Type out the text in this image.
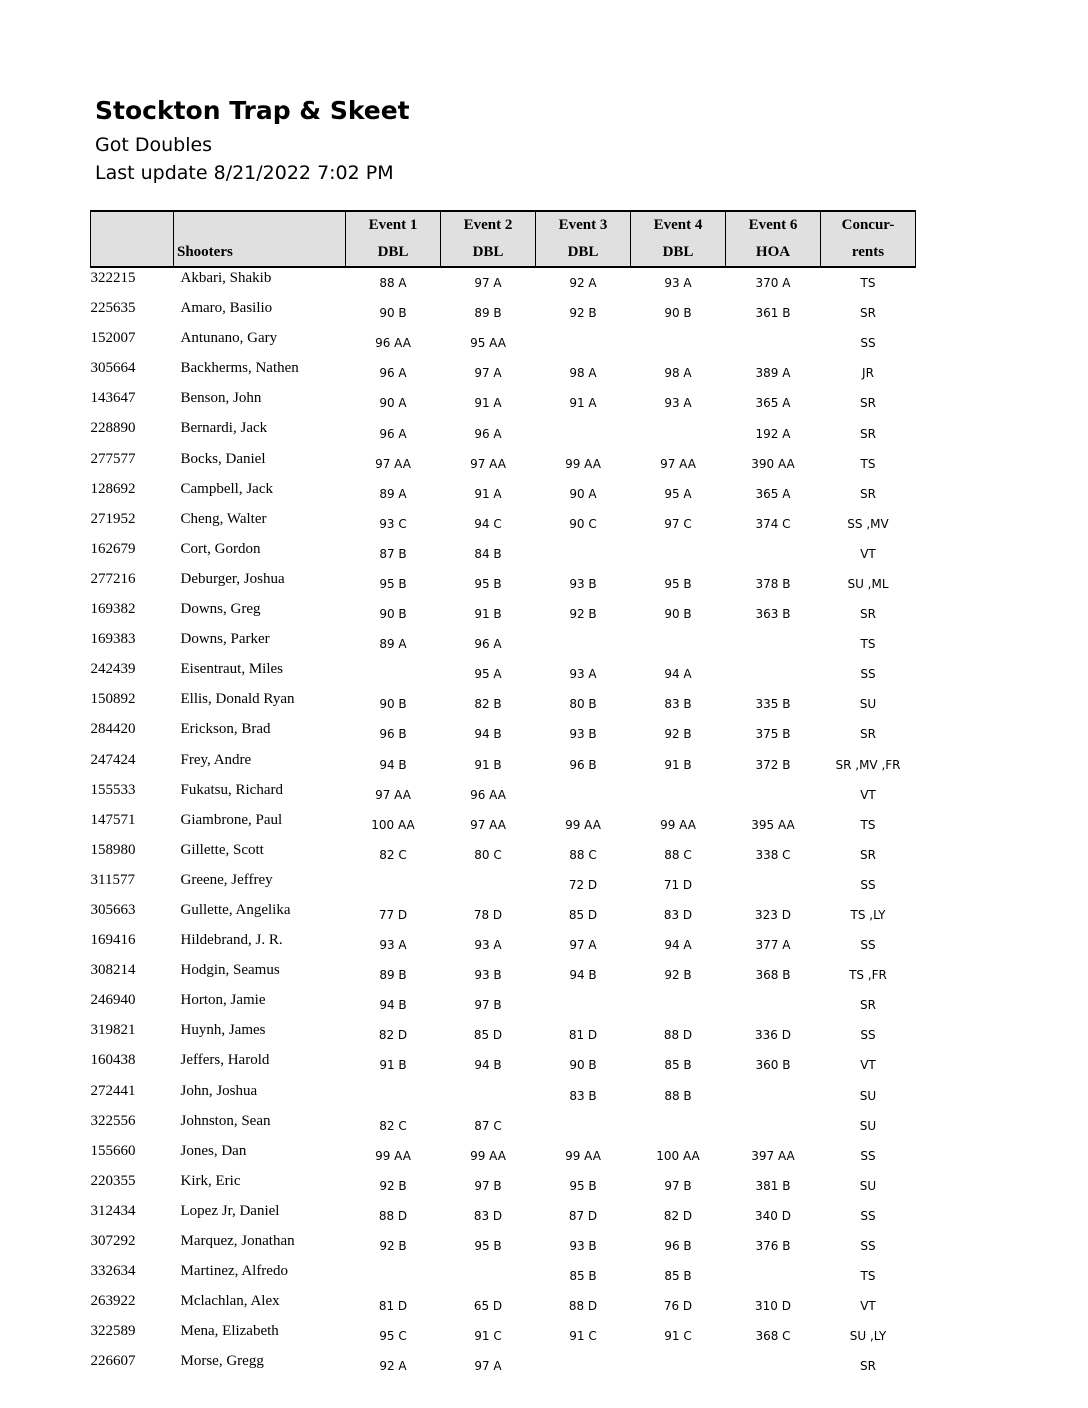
Stockton Trap & Skeet
Got Doubles
Last update 8/21/2022 7:02 PM
		Event 1	Event 2	Event 3	Event 4	Event 6	Concur-
	Shooters	DBL	DBL	DBL	DBL	HOA	rents
322215	Akbari, Shakib	88 A	97 A	92 A	93 A	370 A	TS
225635	Amaro, Basilio	90 B	89 B	92 B	90 B	361 B	SR
152007	Antunano, Gary	96 AA	95 AA				SS
305664	Backherms, Nathen	96 A	97 A	98 A	98 A	389 A	JR
143647	Benson, John	90 A	91 A	91 A	93 A	365 A	SR
228890	Bernardi, Jack	96 A	96 A			192 A	SR
277577	Bocks, Daniel	97 AA	97 AA	99 AA	97 AA	390 AA	TS
128692	Campbell, Jack	89 A	91 A	90 A	95 A	365 A	SR
271952	Cheng, Walter	93 C	94 C	90 C	97 C	374 C	SS ,MV
162679	Cort, Gordon	87 B	84 B				VT
277216	Deburger, Joshua	95 B	95 B	93 B	95 B	378 B	SU ,ML
169382	Downs, Greg	90 B	91 B	92 B	90 B	363 B	SR
169383	Downs, Parker	89 A	96 A				TS
242439	Eisentraut, Miles		95 A	93 A	94 A		SS
150892	Ellis, Donald Ryan	90 B	82 B	80 B	83 B	335 B	SU
284420	Erickson, Brad	96 B	94 B	93 B	92 B	375 B	SR
247424	Frey, Andre	94 B	91 B	96 B	91 B	372 B	SR ,MV ,FR
155533	Fukatsu, Richard	97 AA	96 AA				VT
147571	Giambrone, Paul	100 AA	97 AA	99 AA	99 AA	395 AA	TS
158980	Gillette, Scott	82 C	80 C	88 C	88 C	338 C	SR
311577	Greene, Jeffrey			72 D	71 D		SS
305663	Gullette, Angelika	77 D	78 D	85 D	83 D	323 D	TS ,LY
169416	Hildebrand, J. R.	93 A	93 A	97 A	94 A	377 A	SS
308214	Hodgin, Seamus	89 B	93 B	94 B	92 B	368 B	TS ,FR
246940	Horton, Jamie	94 B	97 B				SR
319821	Huynh, James	82 D	85 D	81 D	88 D	336 D	SS
160438	Jeffers, Harold	91 B	94 B	90 B	85 B	360 B	VT
272441	John, Joshua			83 B	88 B		SU
322556	Johnston, Sean	82 C	87 C				SU
155660	Jones, Dan	99 AA	99 AA	99 AA	100 AA	397 AA	SS
220355	Kirk, Eric	92 B	97 B	95 B	97 B	381 B	SU
312434	Lopez Jr, Daniel	88 D	83 D	87 D	82 D	340 D	SS
307292	Marquez, Jonathan	92 B	95 B	93 B	96 B	376 B	SS
332634	Martinez, Alfredo			85 B	85 B		TS
263922	Mclachlan, Alex	81 D	65 D	88 D	76 D	310 D	VT
322589	Mena, Elizabeth	95 C	91 C	91 C	91 C	368 C	SU ,LY
226607	Morse, Gregg	92 A	97 A				SR
